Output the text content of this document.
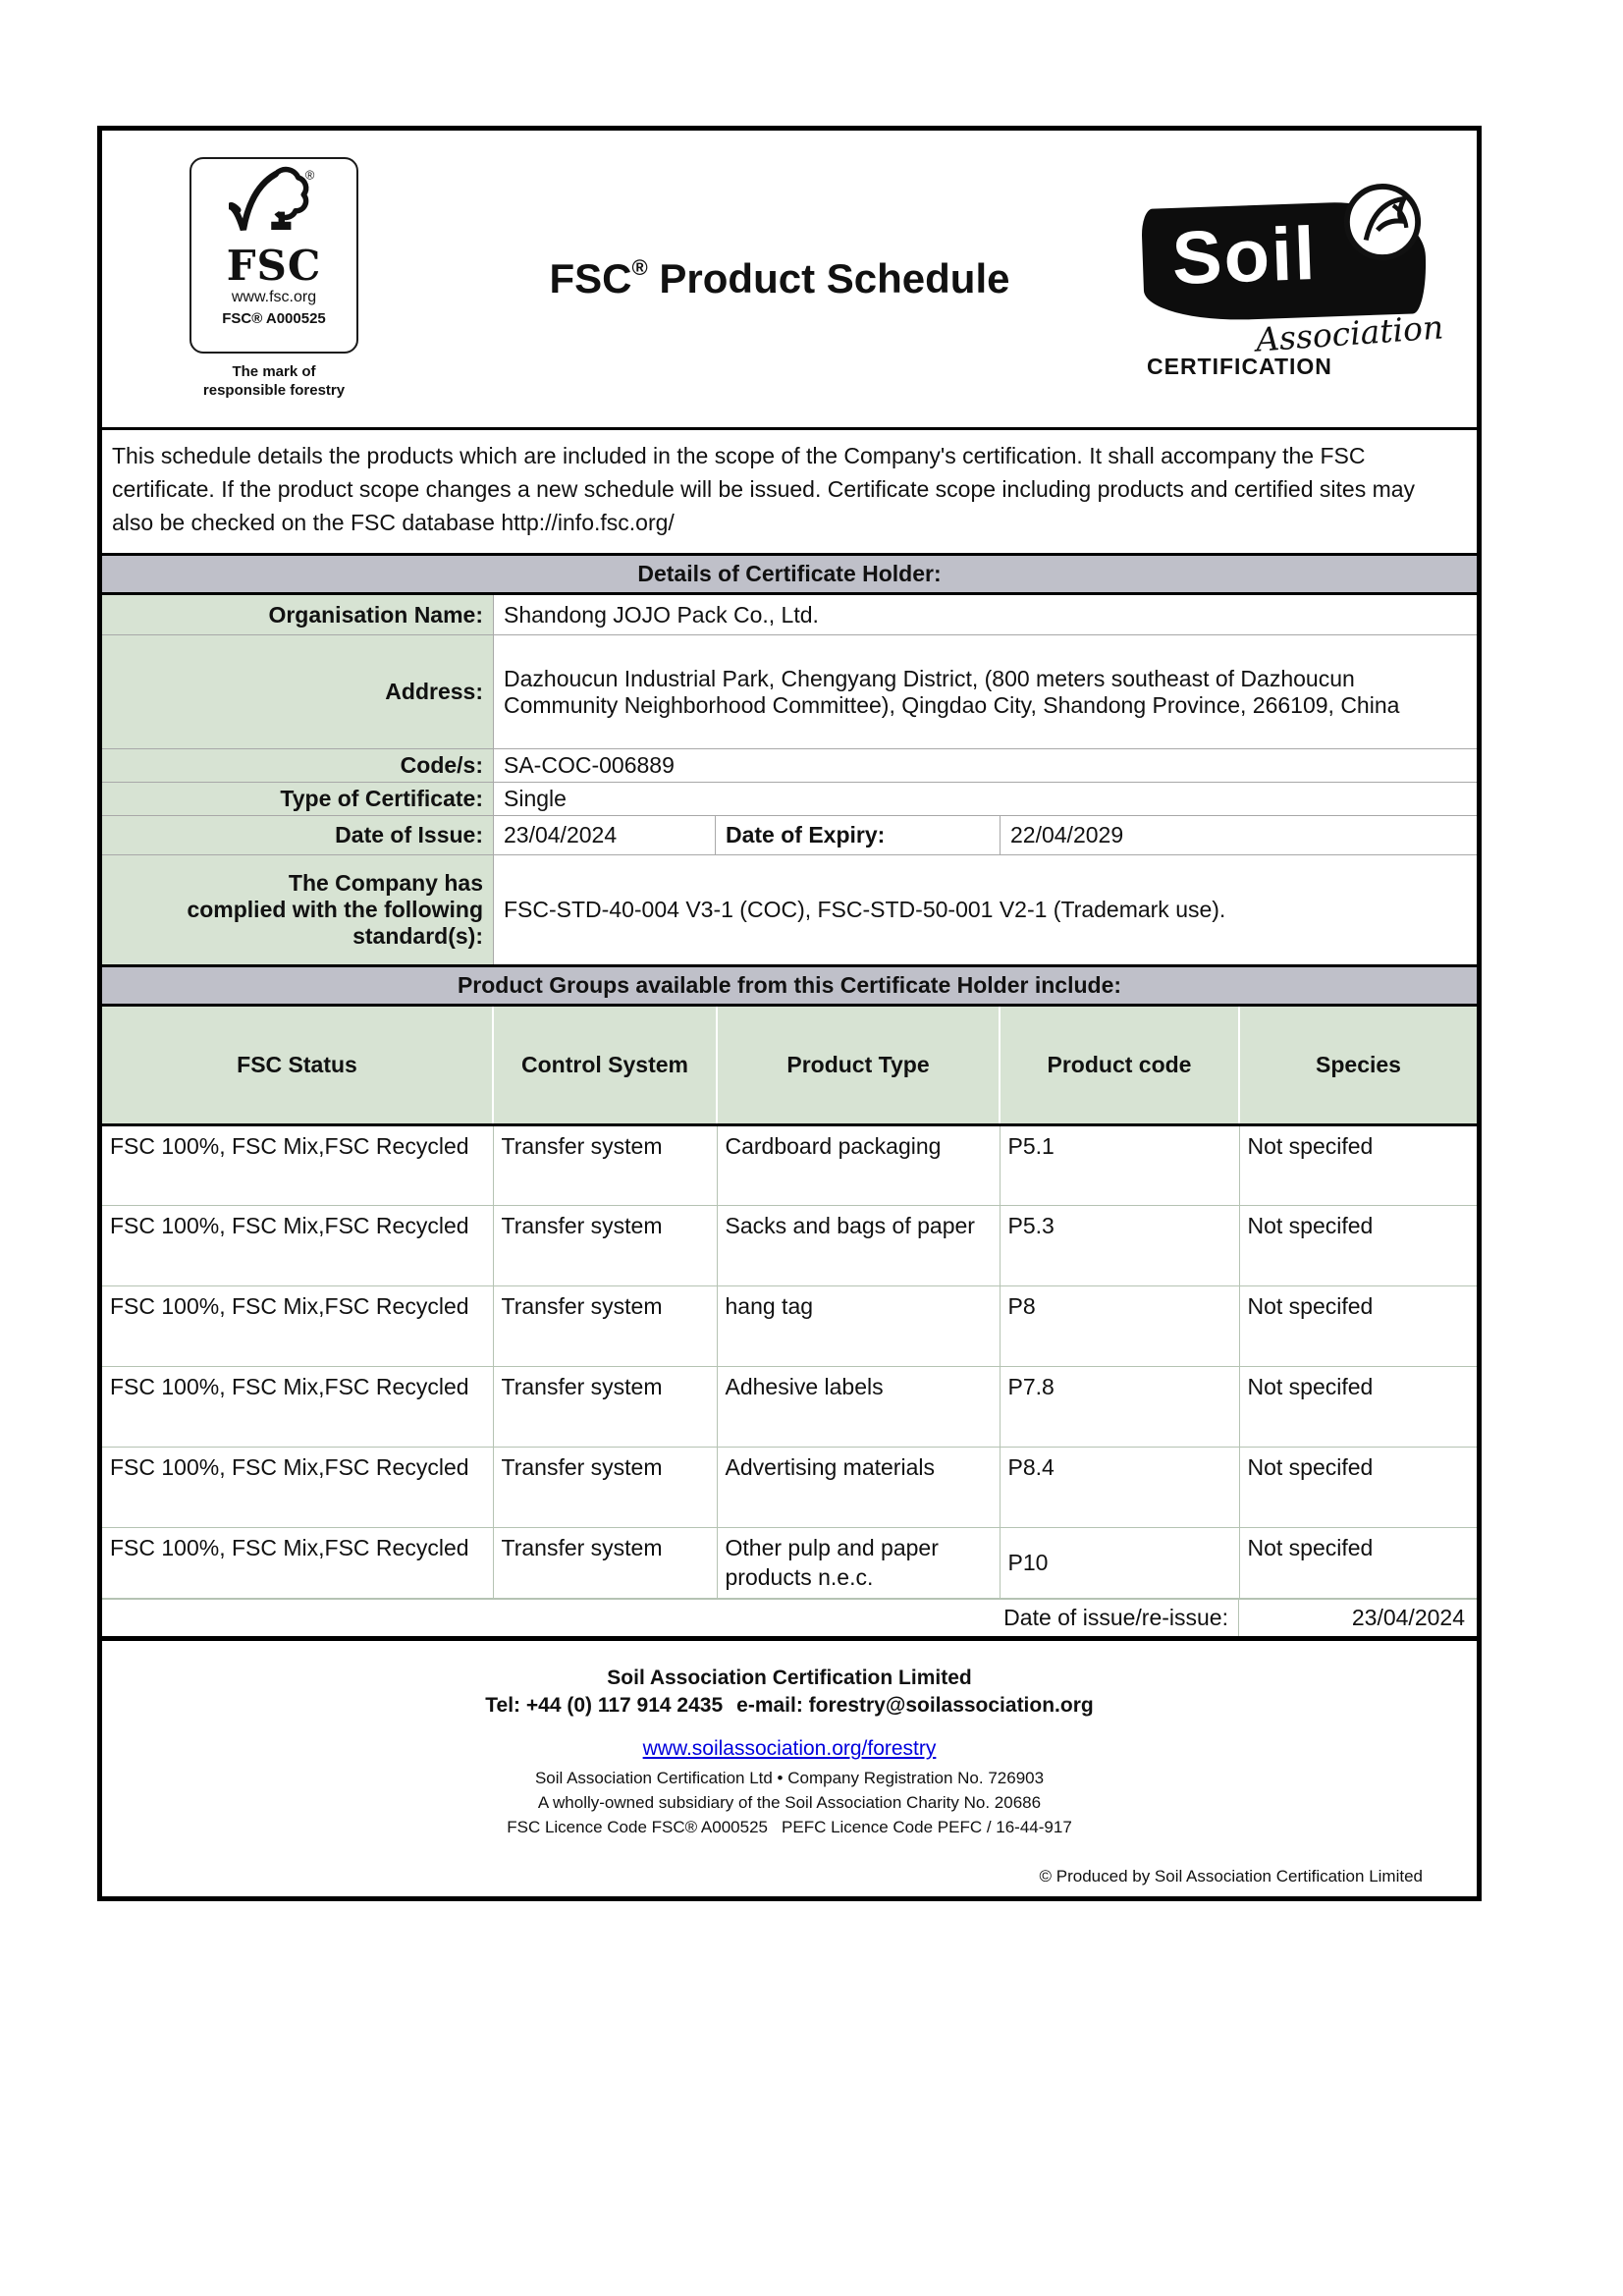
®
FSC
www.fsc.org
FSC® A000525
The mark of responsible forestry
FSC® Product Schedule	Soil
Association
CERTIFICATION
This schedule details the products which are included in the scope of the Company's certification. It shall accompany the FSC certificate. If the product scope changes a new schedule will be issued. Certificate scope including products and certified sites may also be checked on the FSC database http://info.fsc.org/
Details of Certificate Holder:
Organisation Name: Shandong JOJO Pack Co., Ltd.
Address:
Dazhoucun Industrial Park, Chengyang District, (800 meters southeast of Dazhoucun Community Neighborhood Committee), Qingdao City, Shandong Province, 266109, China
Code/s: SA-COC-006889
Type of Certificate: Single
Date of Issue: 23/04/2024	Date of Expiry:	22/04/2029
The Company has complied with the following standard(s):
FSC-STD-40-004 V3-1 (COC), FSC-STD-50-001 V2-1 (Trademark use).
Product Groups available from this Certificate Holder include:
FSC Status	Control System	Product Type	Product code	Species
FSC 100%, FSC Mix,FSC Recycled	Transfer system	Cardboard packaging	P5.1	Not specifed
FSC 100%, FSC Mix,FSC Recycled	Transfer system	Sacks and bags of paper	P5.3	Not specifed
FSC 100%, FSC Mix,FSC Recycled	Transfer system	hang tag	P8	Not specifed
FSC 100%, FSC Mix,FSC Recycled	Transfer system	Adhesive labels	P7.8	Not specifed
FSC 100%, FSC Mix,FSC Recycled	Transfer system	Advertising materials	P8.4	Not specifed
FSC 100%, FSC Mix,FSC Recycled	Transfer system	Other pulp and paper products n.e.c.	P10	Not specifed
Date of issue/re-issue:	23/04/2024
Soil Association Certification Limited
Tel: +44 (0) 117 914 2435 e-mail: forestry@soilassociation.org
www.soilassociation.org/forestry
Soil Association Certification Ltd • Company Registration No. 726903
A wholly-owned subsidiary of the Soil Association Charity No. 20686
FSC Licence Code FSC® A000525 PEFC Licence Code PEFC / 16-44-917
© Produced by Soil Association Certification Limited
